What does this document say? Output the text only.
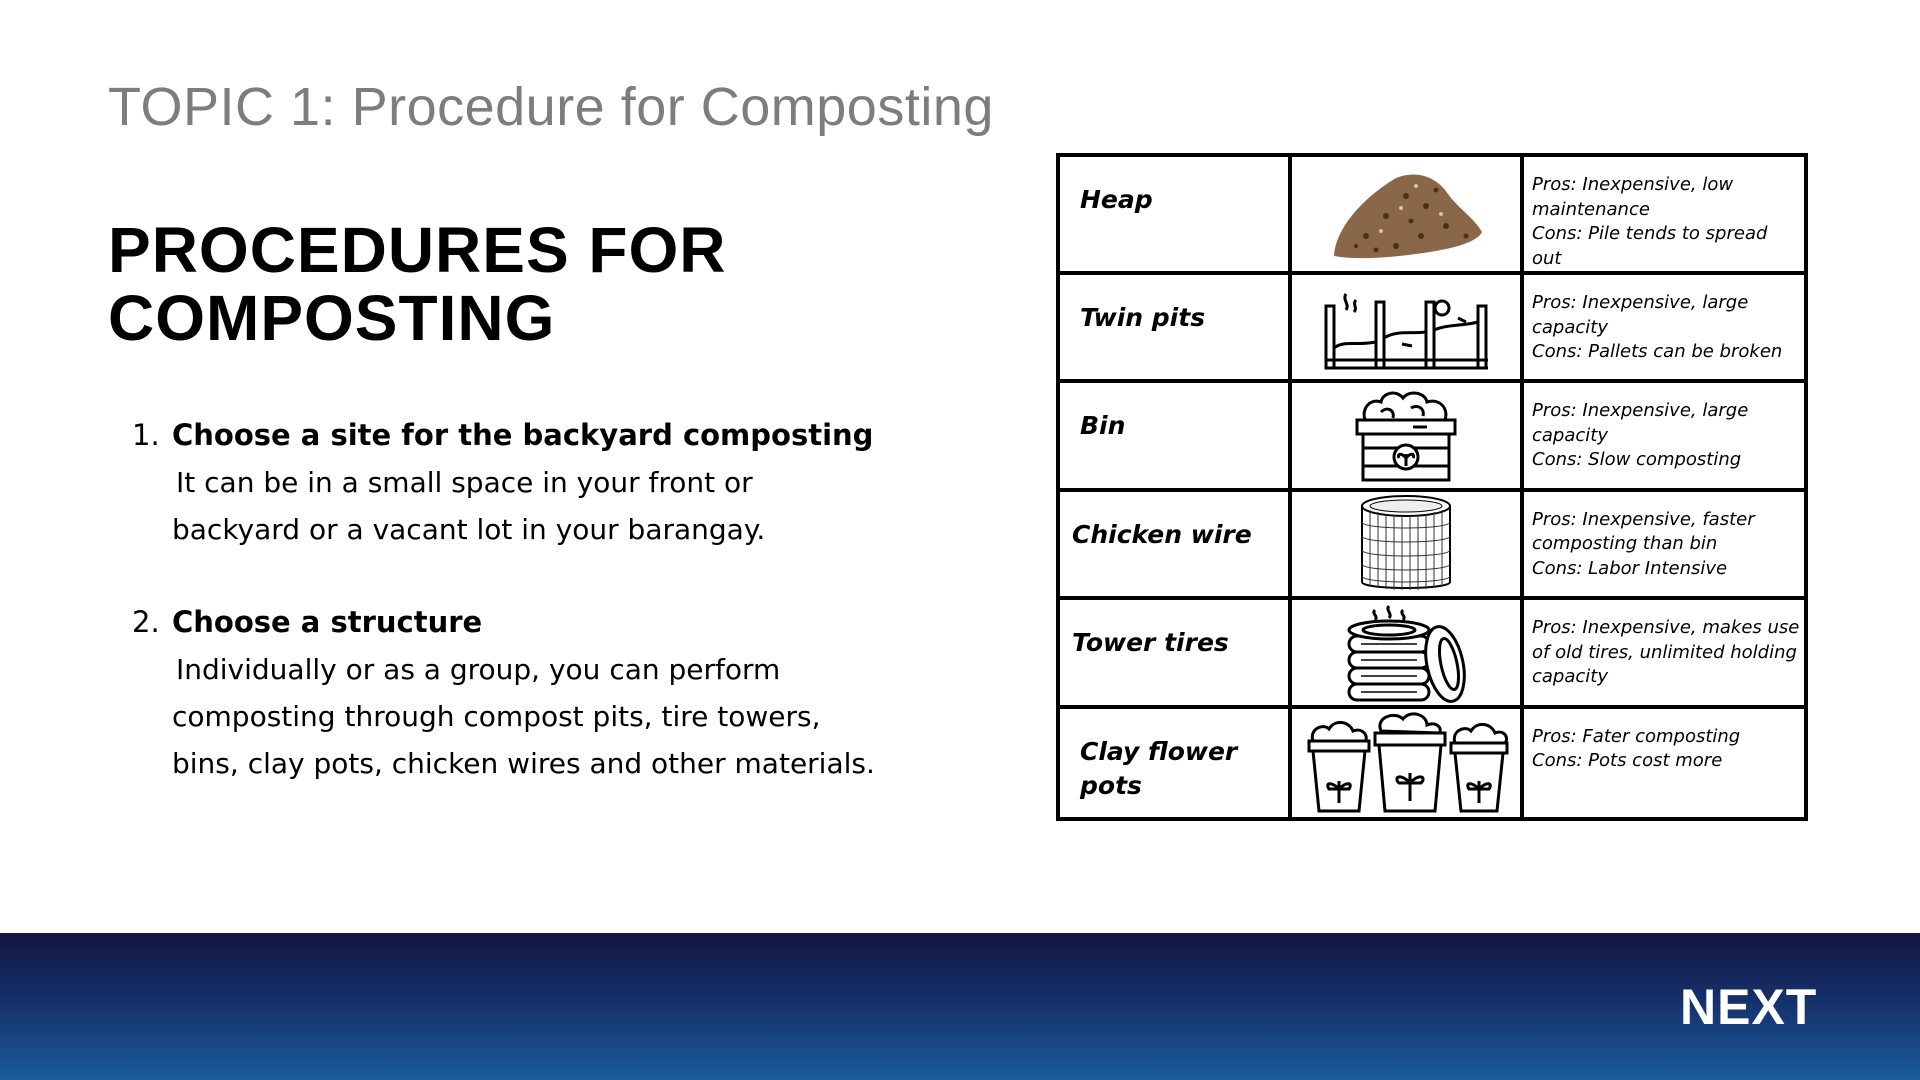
TOPIC 1: Procedure for Composting
PROCEDURES FOR
COMPOSTING
1. Choose a site for the backyard composting
It can be in a small space in your front or
backyard or a vacant lot in your barangay.
2. Choose a structure
Individually or as a group, you can perform
composting through compost pits, tire towers,
bins, clay pots, chicken wires and other materials.
Heap
Pros: Inexpensive, low
maintenance
Cons: Pile tends to spread out
Twin pits
Pros: Inexpensive, large
capacity
Cons: Pallets can be broken
Bin
Pros: Inexpensive, large
capacity
Cons: Slow composting
Chicken wire
Pros: Inexpensive, faster
composting than bin
Cons: Labor Intensive
Tower tires
Pros: Inexpensive, makes use
of old tires, unlimited holding
capacity
Clay flower
pots
Pros: Fater composting
Cons: Pots cost more
NEXT
